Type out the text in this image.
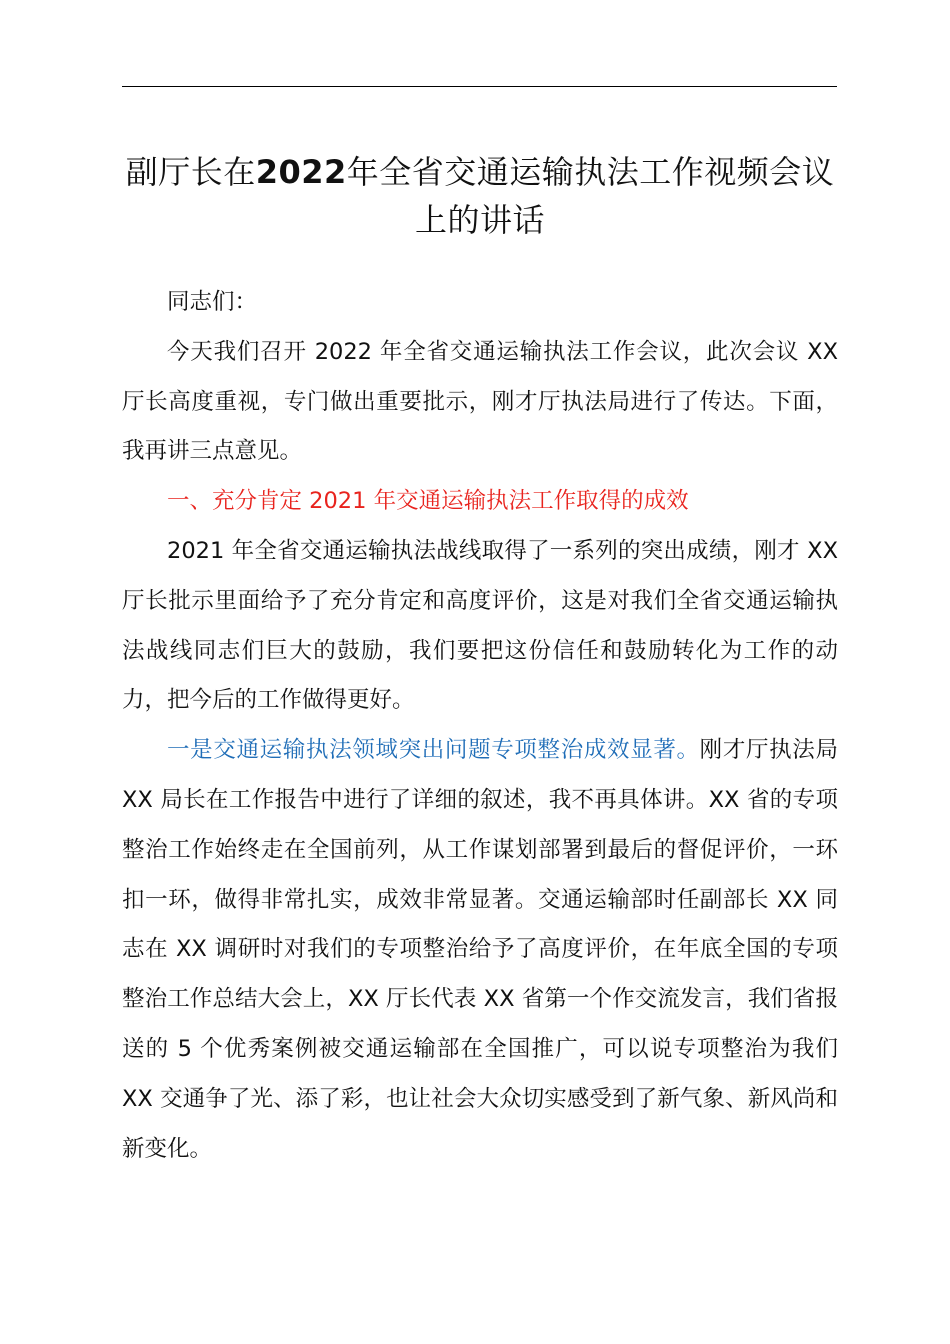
副厅长在2022年全省交通运输执法工作视频会议上的讲话

同志们：

今天我们召开 2022 年全省交通运输执法工作会议，此次会议 XX 厅长高度重视，专门做出重要批示，刚才厅执法局进行了传达。下面，我再讲三点意见。

一、充分肯定 2021 年交通运输执法工作取得的成效

2021 年全省交通运输执法战线取得了一系列的突出成绩，刚才 XX 厅长批示里面给予了充分肯定和高度评价，这是对我们全省交通运输执法战线同志们巨大的鼓励，我们要把这份信任和鼓励转化为工作的动力，把今后的工作做得更好。

一是交通运输执法领域突出问题专项整治成效显著。刚才厅执法局 XX 局长在工作报告中进行了详细的叙述，我不再具体讲。XX 省的专项整治工作始终走在全国前列，从工作谋划部署到最后的督促评价，一环扣一环，做得非常扎实，成效非常显著。交通运输部时任副部长 XX 同志在 XX 调研时对我们的专项整治给予了高度评价，在年底全国的专项整治工作总结大会上，XX 厅长代表 XX 省第一个作交流发言，我们省报送的 5 个优秀案例被交通运输部在全国推广，可以说专项整治为我们 XX 交通争了光、添了彩，也让社会大众切实感受到了新气象、新风尚和新变化。
